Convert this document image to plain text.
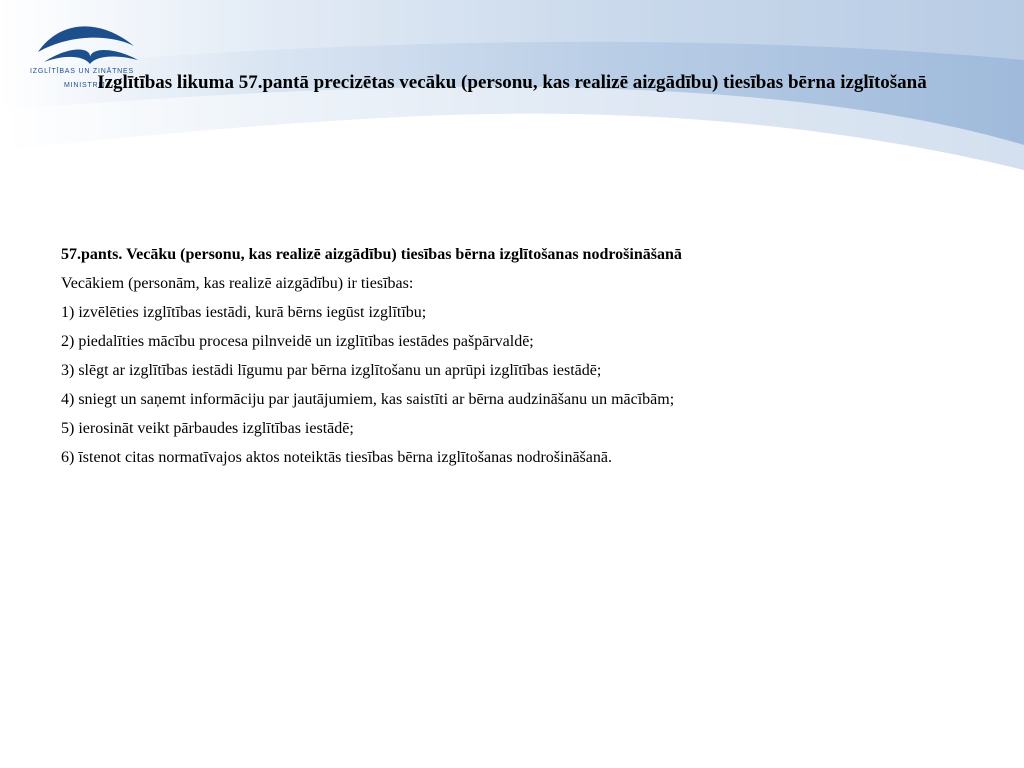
IZGLĪTĪBAS UN ZINĀTNES
MINISTRIJA
Izglītības likuma 57.pantā precizētas vecāku (personu, kas realizē aizgādību) tiesības bērna izglītošanā

57.pants. Vecāku (personu, kas realizē aizgādību) tiesības bērna izglītošanas nodrošināšanā

Vecākiem (personām, kas realizē aizgādību) ir tiesības:

1) izvēlēties izglītības iestādi, kurā bērns iegūst izglītību;

2) piedalīties mācību procesa pilnveidē un izglītības iestādes pašpārvaldē;

3) slēgt ar izglītības iestādi līgumu par bērna izglītošanu un aprūpi izglītības iestādē;

4) sniegt un saņemt informāciju par jautājumiem, kas saistīti ar bērna audzināšanu un mācībām;

5) ierosināt veikt pārbaudes izglītības iestādē;

6) īstenot citas normatīvajos aktos noteiktās tiesības bērna izglītošanas nodrošināšanā.
